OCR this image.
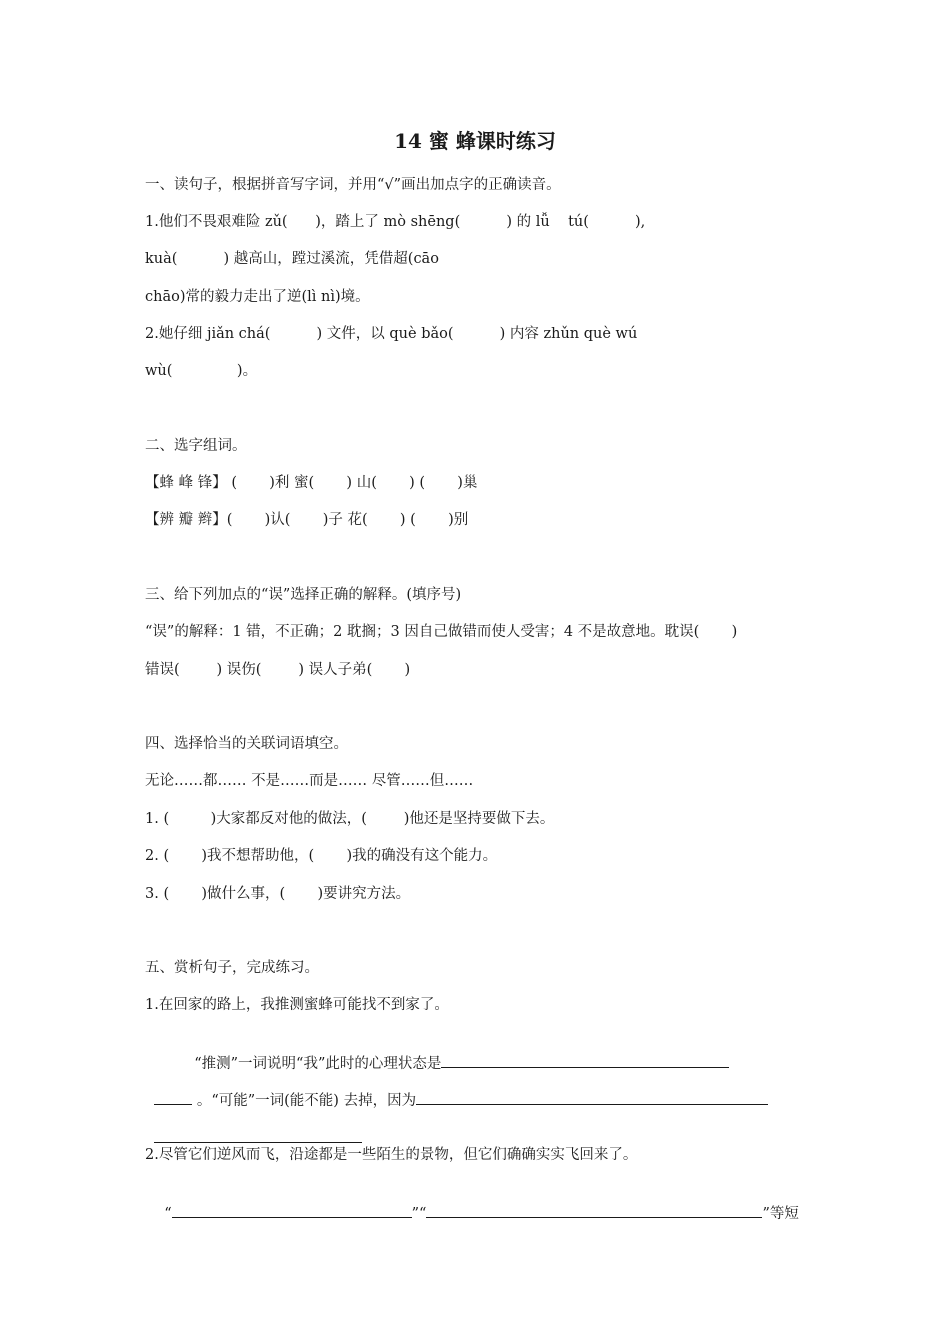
14 蜜 蜂课时练习
一、读句子，根据拼音写字词，并用“√”画出加点字的正确读音。
1.他们不畏艰难险 zǔ(      )，踏上了 mò shēng(          ) 的 lǚ    tú(          ),
kuà(          ) 越高山，蹚过溪流，凭借超(cāo
chāo)常的毅力走出了逆(lì nì)境。
2.她仔细 jiǎn chá(          ) 文件，以 què bǎo(          ) 内容 zhǔn què wú
wù(              )。
二、选字组词。
【蜂 峰 锋】 (       )利 蜜(       ) 山(       ) (       )巢
【辨 瓣 辫】(       )认(       )子 花(       ) (       )别
三、给下列加点的“误”选择正确的解释。(填序号)
“误”的解释：1 错，不正确；2 耽搁；3 因自己做错而使人受害；4 不是故意地。耽误(       )
错误(        ) 误伤(        ) 误人子弟(       )
四、选择恰当的关联词语填空。
无论……都…… 不是……而是…… 尽管……但……
1. (         )大家都反对他的做法，(        )他还是坚持要做下去。
2. (       )我不想帮助他，(       )我的确没有这个能力。
3. (       )做什么事，(       )要讲究方法。
五、赏析句子，完成练习。
1.在回家的路上，我推测蜜蜂可能找不到家了。

“推测”一词说明“我”此时的心理状态是

。“可能”一词(能不能) 去掉，因为

2.尽管它们逆风而飞，沿途都是一些陌生的景物，但它们确确实实飞回来了。

“	”“	”等短
